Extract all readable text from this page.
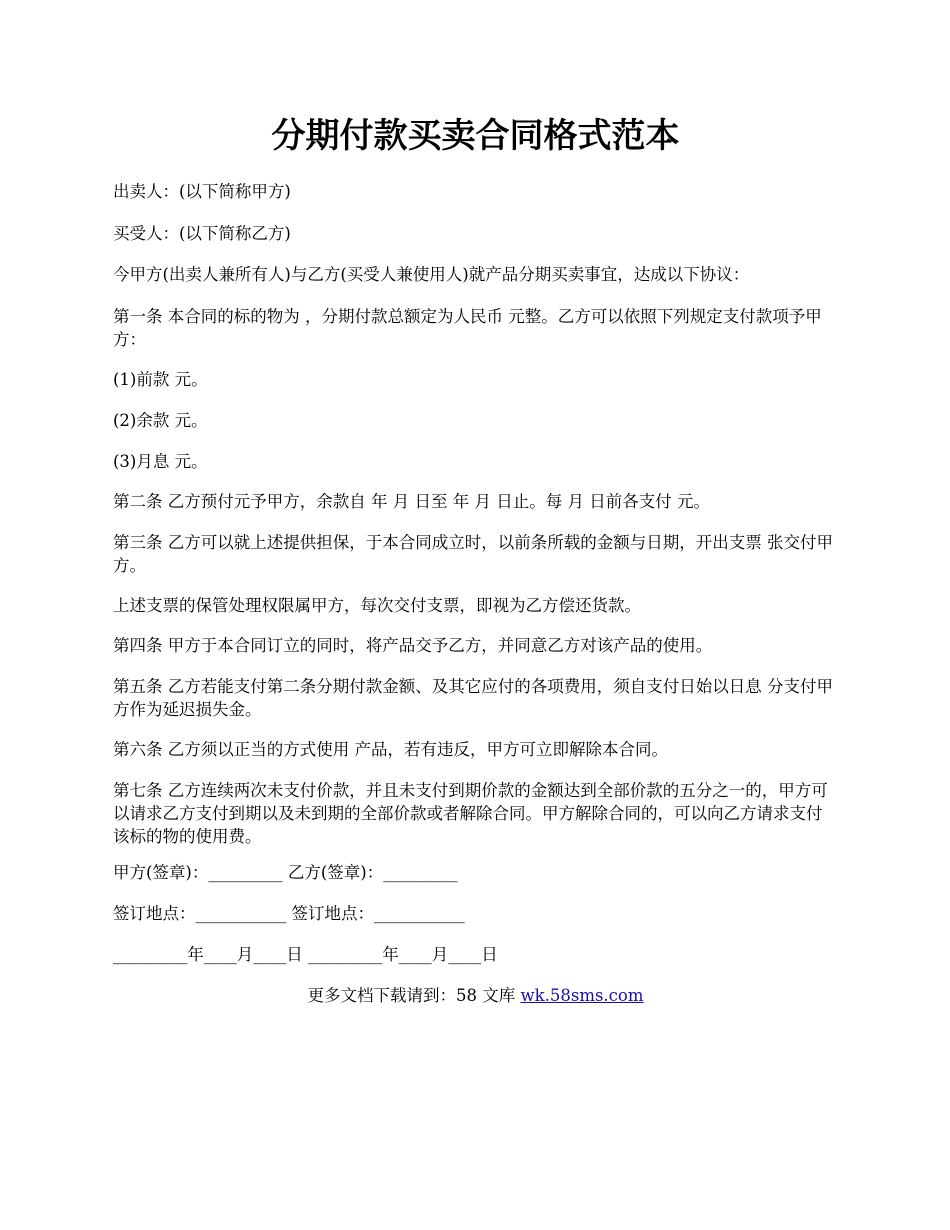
分期付款买卖合同格式范本

出卖人：(以下简称甲方)

买受人：(以下简称乙方)

今甲方(出卖人兼所有人)与乙方(买受人兼使用人)就产品分期买卖事宜，达成以下协议：

第一条 本合同的标的物为 ，分期付款总额定为人民币 元整。乙方可以依照下列规定支付款项予甲方：

(1)前款 元。

(2)余款 元。

(3)月息 元。

第二条 乙方预付元予甲方，余款自 年 月 日至 年 月 日止。每 月 日前各支付 元。

第三条 乙方可以就上述提供担保，于本合同成立时，以前条所载的金额与日期，开出支票 张交付甲方。

上述支票的保管处理权限属甲方，每次交付支票，即视为乙方偿还货款。

第四条 甲方于本合同订立的同时，将产品交予乙方，并同意乙方对该产品的使用。

第五条 乙方若能支付第二条分期付款金额、及其它应付的各项费用，须自支付日始以日息 分支付甲方作为延迟损失金。

第六条 乙方须以正当的方式使用 产品，若有违反，甲方可立即解除本合同。

第七条 乙方连续两次未支付价款，并且未支付到期价款的金额达到全部价款的五分之一的，甲方可以请求乙方支付到期以及未到期的全部价款或者解除合同。甲方解除合同的，可以向乙方请求支付该标的物的使用费。

甲方(签章)：_________ 乙方(签章)：_________

签订地点：___________ 签订地点：___________

_________年____月____日 _________年____月____日

更多文档下载请到：58 文库 wk.58sms.com
